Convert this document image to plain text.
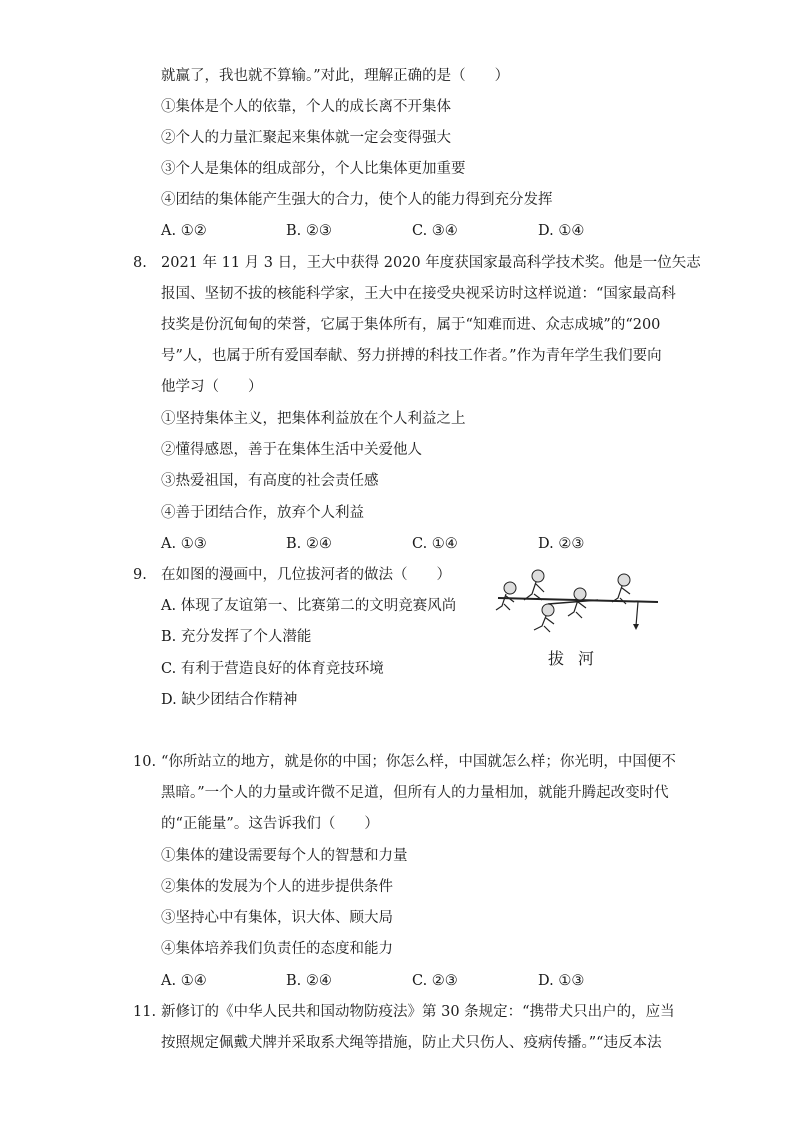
就赢了，我也就不算输。”对此，理解正确的是（　　）
①集体是个人的依靠，个人的成长离不开集体
②个人的力量汇聚起来集体就一定会变得强大
③个人是集体的组成部分，个人比集体更加重要
④团结的集体能产生强大的合力，使个人的能力得到充分发挥
A. ①②	B. ②③	C. ③④	D. ①④
8. 2021 年 11 月 3 日，王大中获得 2020 年度获国家最高科学技术奖。他是一位矢志
报国、坚韧不拔的核能科学家，王大中在接受央视采访时这样说道：“国家最高科
技奖是份沉甸甸的荣誉，它属于集体所有，属于“知难而进、众志成城”的“200
号”人，也属于所有爱国奉献、努力拼搏的科技工作者。”作为青年学生我们要向
他学习（　　）
①坚持集体主义，把集体利益放在个人利益之上
②懂得感恩，善于在集体生活中关爱他人
③热爱祖国，有高度的社会责任感
④善于团结合作，放弃个人利益
A. ①③	B. ②④	C. ①④	D. ②③
9. 在如图的漫画中，几位拔河者的做法（　　）
A. 体现了友谊第一、比赛第二的文明竞赛风尚
B. 充分发挥了个人潜能
C. 有利于营造良好的体育竞技环境
D. 缺少团结合作精神
拔河
10. “你所站立的地方，就是你的中国；你怎么样，中国就怎么样；你光明，中国便不
黑暗。”一个人的力量或许微不足道，但所有人的力量相加，就能升腾起改变时代
的“正能量”。这告诉我们（　　）
①集体的建设需要每个人的智慧和力量
②集体的发展为个人的进步提供条件
③坚持心中有集体，识大体、顾大局
④集体培养我们负责任的态度和能力
A. ①④	B. ②④	C. ②③	D. ①③
11. 新修订的《中华人民共和国动物防疫法》第 30 条规定：“携带犬只出户的，应当
按照规定佩戴犬牌并采取系犬绳等措施，防止犬只伤人、疫病传播。”“违反本法
